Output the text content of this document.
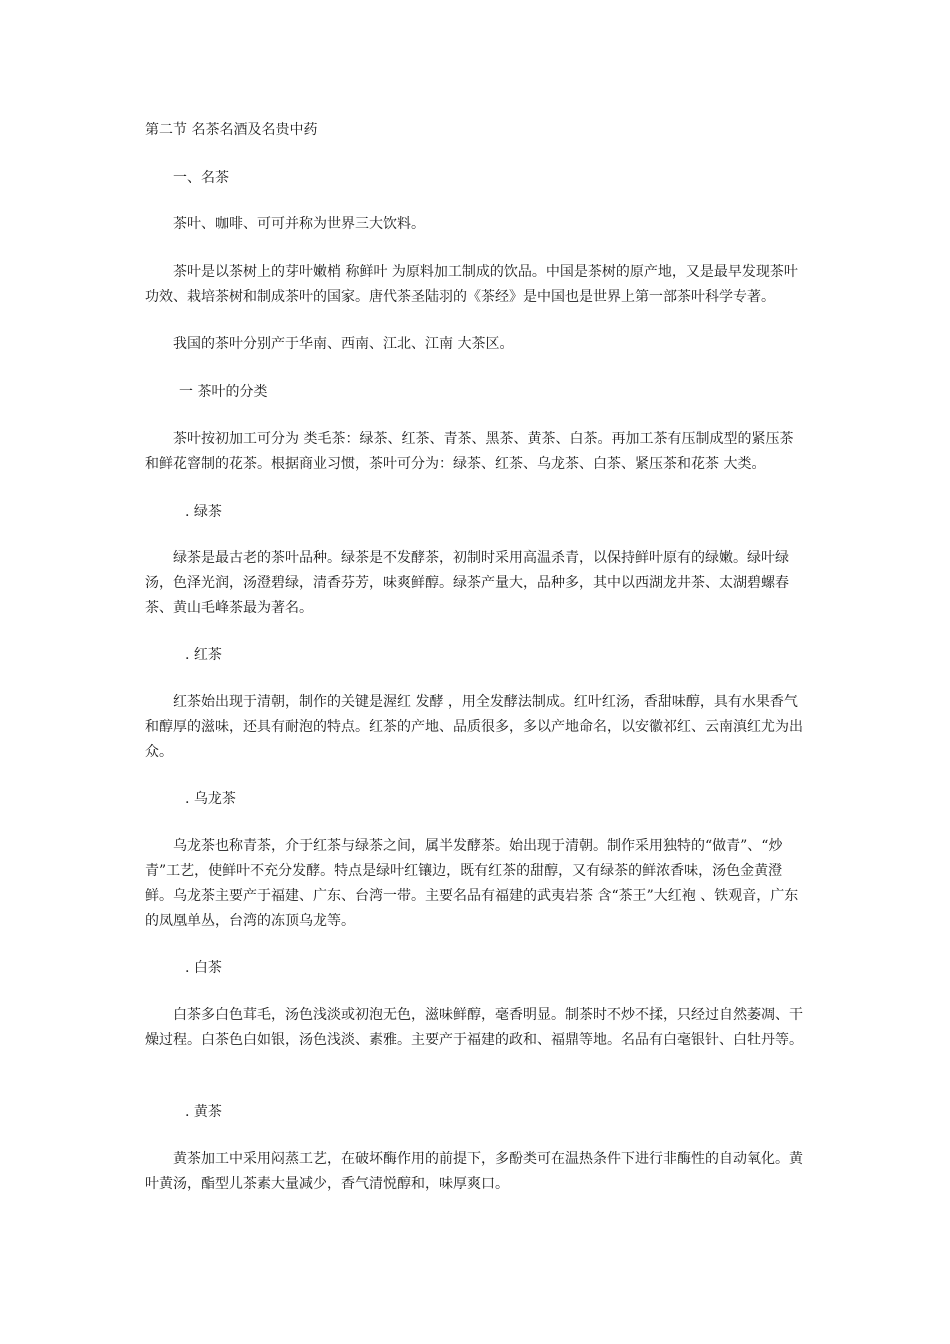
第二节 名茶名酒及名贵中药

一、名茶

茶叶、咖啡、可可并称为世界三大饮料。

茶叶是以茶树上的芽叶嫩梢 称鲜叶 为原料加工制成的饮品。中国是茶树的原产地，又是最早发现茶叶功效、栽培茶树和制成茶叶的国家。唐代茶圣陆羽的《茶经》是中国也是世界上第一部茶叶科学专著。

我国的茶叶分别产于华南、西南、江北、江南 大茶区。

一 茶叶的分类

茶叶按初加工可分为 类毛茶：绿茶、红茶、青茶、黑茶、黄茶、白茶。再加工茶有压制成型的紧压茶和鲜花窨制的花茶。根据商业习惯，茶叶可分为：绿茶、红茶、乌龙茶、白茶、紧压茶和花茶 大类。

. 绿茶

绿茶是最古老的茶叶品种。绿茶是不发酵茶，初制时采用高温杀青，以保持鲜叶原有的绿嫩。绿叶绿汤，色泽光润，汤澄碧绿，清香芬芳，味爽鲜醇。绿茶产量大，品种多，其中以西湖龙井茶、太湖碧螺春茶、黄山毛峰茶最为著名。

. 红茶

红茶始出现于清朝，制作的关键是渥红 发酵 ，用全发酵法制成。红叶红汤，香甜味醇，具有水果香气和醇厚的滋味，还具有耐泡的特点。红茶的产地、品质很多，多以产地命名，以安徽祁红、云南滇红尤为出众。

. 乌龙茶

乌龙茶也称青茶，介于红茶与绿茶之间，属半发酵茶。始出现于清朝。制作采用独特的“做青”、“炒青”工艺，使鲜叶不充分发酵。特点是绿叶红镶边，既有红茶的甜醇，又有绿茶的鲜浓香味，汤色金黄澄鲜。乌龙茶主要产于福建、广东、台湾一带。主要名品有福建的武夷岩茶 含“茶王”大红袍 、铁观音，广东的凤凰单丛，台湾的冻顶乌龙等。

. 白茶

白茶多白色茸毛，汤色浅淡或初泡无色，滋味鲜醇，毫香明显。制茶时不炒不揉，只经过自然萎凋、干燥过程。白茶色白如银，汤色浅淡、素雅。主要产于福建的政和、福鼎等地。名品有白毫银针、白牡丹等。

. 黄茶

黄茶加工中采用闷蒸工艺，在破坏酶作用的前提下，多酚类可在温热条件下进行非酶性的自动氧化。黄叶黄汤，酯型儿茶素大量减少，香气清悦醇和，味厚爽口。
